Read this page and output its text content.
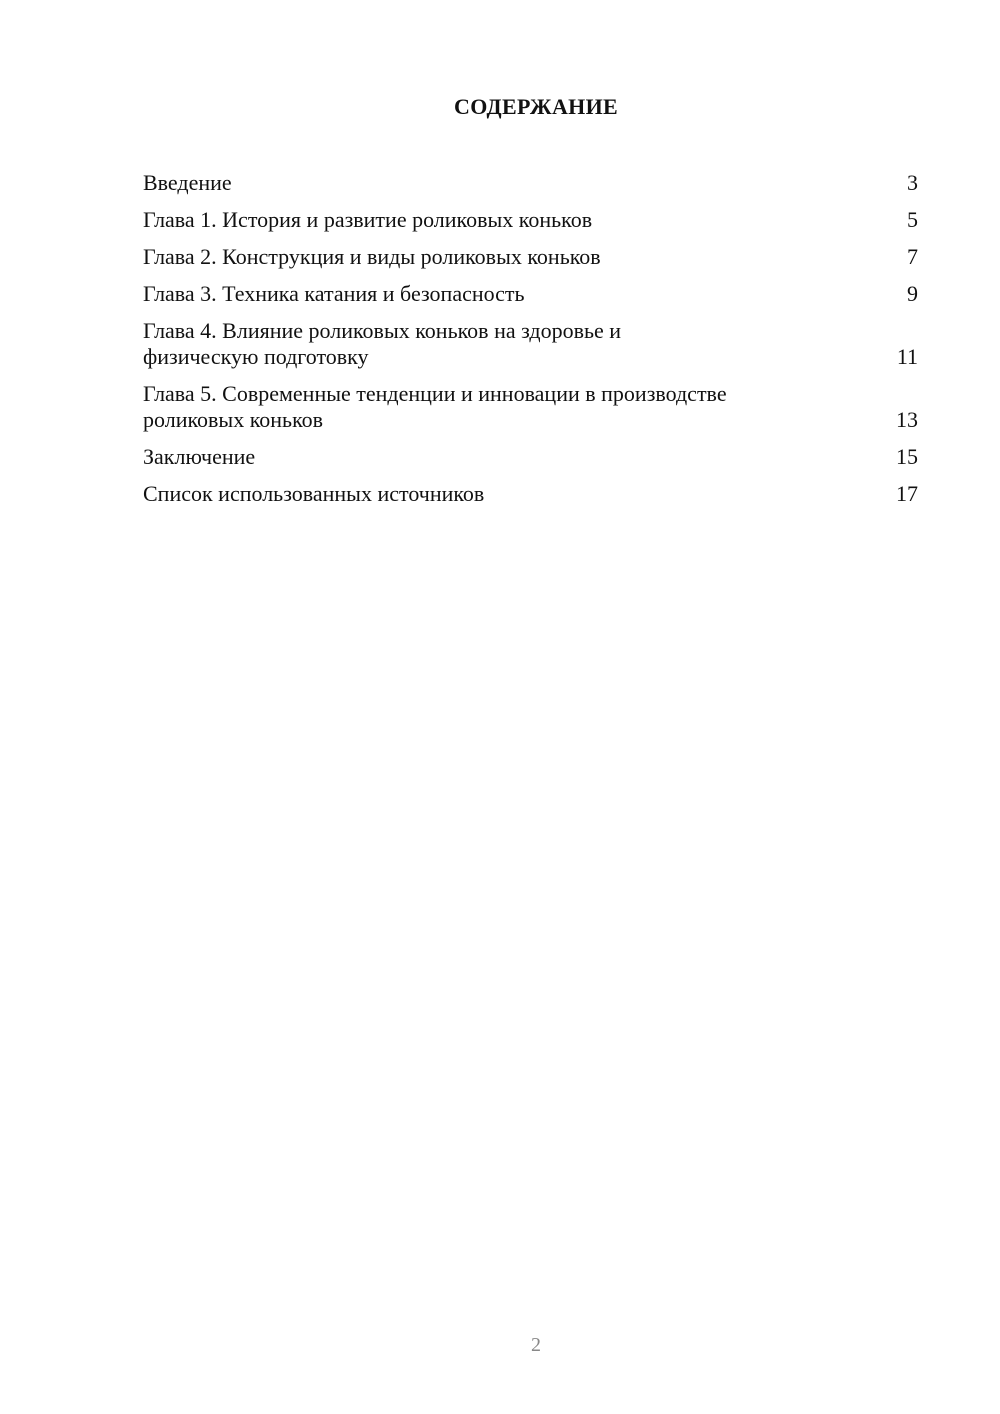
СОДЕРЖАНИЕ
Введение	3
Глава 1. История и развитие роликовых коньков	5
Глава 2. Конструкция и виды роликовых коньков	7
Глава 3. Техника катания и безопасность	9
Глава 4. Влияние роликовых коньков на здоровье и физическую подготовку	11
Глава 5. Современные тенденции и инновации в производстве роликовых коньков	13
Заключение	15
Список использованных источников	17
2
